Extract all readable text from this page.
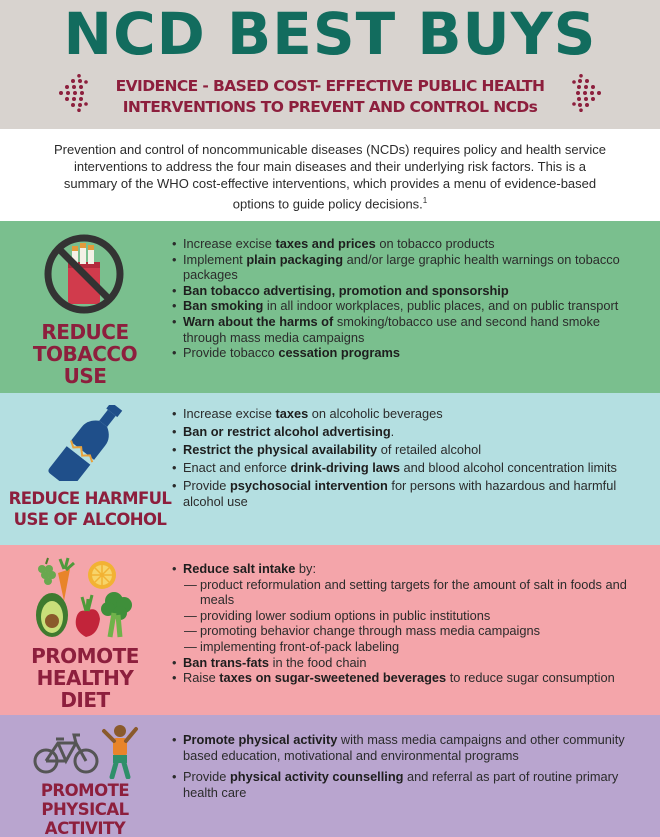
NCD BEST BUYS
EVIDENCE - BASED COST- EFFECTIVE PUBLIC HEALTH
INTERVENTIONS TO PREVENT AND CONTROL NCDs
Prevention and control of noncommunicable diseases (NCDs) requires policy and health service interventions to address the four main diseases and their underlying risk factors. This is a summary of the WHO cost-effective interventions, which provides a menu of evidence-based options to guide policy decisions.$^1$
REDUCE
TOBACCO
USE
• Increase excise taxes and prices on tobacco products
• Implement plain packaging and/or large graphic health warnings on tobacco packages
• Ban tobacco advertising, promotion and sponsorship
• Ban smoking in all indoor workplaces, public places, and on public transport
• Warn about the harms of smoking/tobacco use and second hand smoke through mass media campaigns
• Provide tobacco cessation programs
REDUCE HARMFUL
USE OF ALCOHOL
• Increase excise taxes on alcoholic beverages
• Ban or restrict alcohol advertising.
• Restrict the physical availability of retailed alcohol
• Enact and enforce drink-driving laws and blood alcohol concentration limits
• Provide psychosocial intervention for persons with hazardous and harmful alcohol use
PROMOTE
HEALTHY
DIET
• Reduce salt intake by:
— product reformulation and setting targets for the amount of salt in foods and meals
— providing lower sodium options in public institutions
— promoting behavior change through mass media campaigns
— implementing front-of-pack labeling
• Ban trans-fats in the food chain
• Raise taxes on sugar-sweetened beverages to reduce sugar consumption
PROMOTE
PHYSICAL
ACTIVITY
• Promote physical activity with mass media campaigns and other community based education, motivational and environmental programs
• Provide physical activity counselling and referral as part of routine primary health care
